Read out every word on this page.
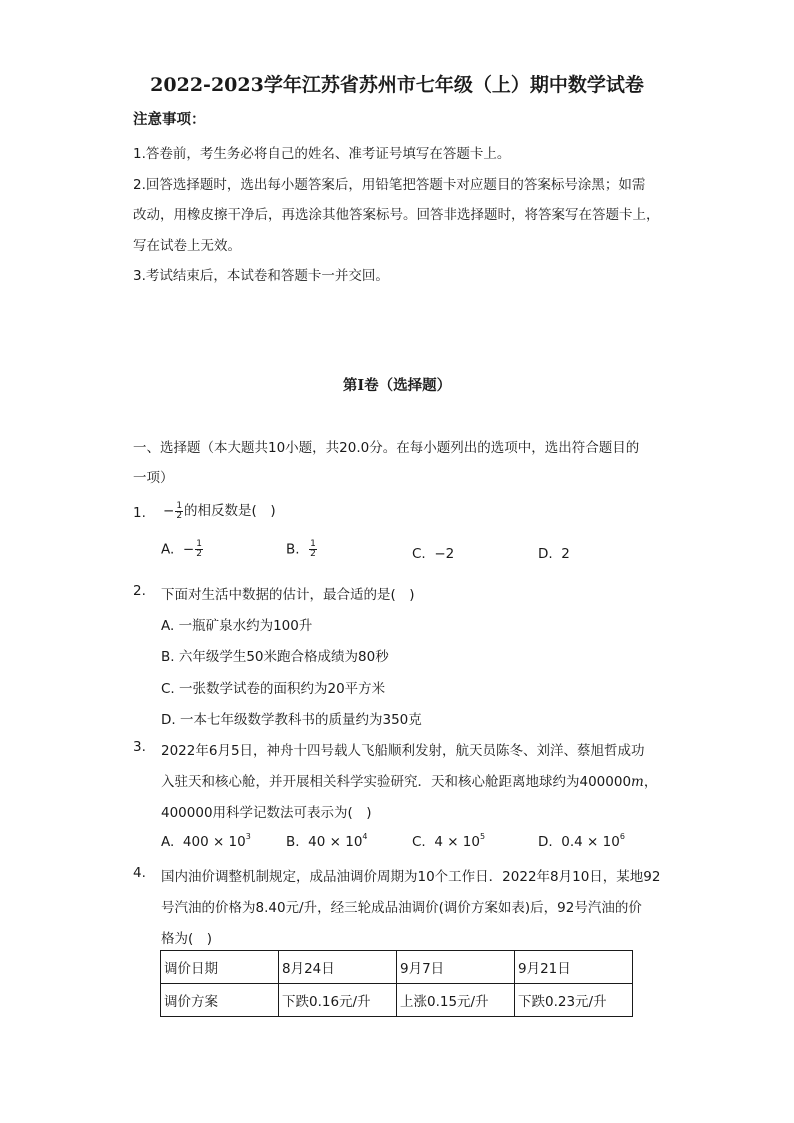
2022-2023学年江苏省苏州市七年级（上）期中数学试卷
注意事项：
1.答卷前，考生务必将自己的姓名、准考证号填写在答题卡上。
2.回答选择题时，选出每小题答案后，用铅笔把答题卡对应题目的答案标号涂黑；如需
改动，用橡皮擦干净后，再选涂其他答案标号。回答非选择题时，将答案写在答题卡上，
写在试卷上无效。
3.考试结束后，本试卷和答题卡一并交回。
第I卷（选择题）
一、选择题（本大题共10小题，共20.0分。在每小题列出的选项中，选出符合题目的
一项）
1. − $\frac{1}{2}$ 的相反数是(　)
A. − $\frac{1}{2}$	B. $\frac{1}{2}$	C. −2	D. 2
2. 下面对生活中数据的估计，最合适的是(　)
A. 一瓶矿泉水约为100升
B. 六年级学生50米跑合格成绩为80秒
C. 一张数学试卷的面积约为20平方米
D. 一本七年级数学教科书的质量约为350克
3. 2022年6月5日，神舟十四号载人飞船顺利发射，航天员陈冬、刘洋、蔡旭哲成功
入驻天和核心舱，并开展相关科学实验研究．天和核心舱距离地球约为400000m，
400000用科学记数法可表示为(　)
A. $400 \times 10^3$	B. $40 \times 10^4$	C. $4 \times 10^5$	D. $0.4 \times 10^6$
4. 国内油价调整机制规定，成品油调价周期为10个工作日．2022年8月10日，某地92
号汽油的价格为8.40元/升，经三轮成品油调价(调价方案如表)后，92号汽油的价
格为(　)
调价日期	8月24日	9月7日	9月21日
调价方案	下跌0.16元/升	上涨0.15元/升	下跌0.23元/升
